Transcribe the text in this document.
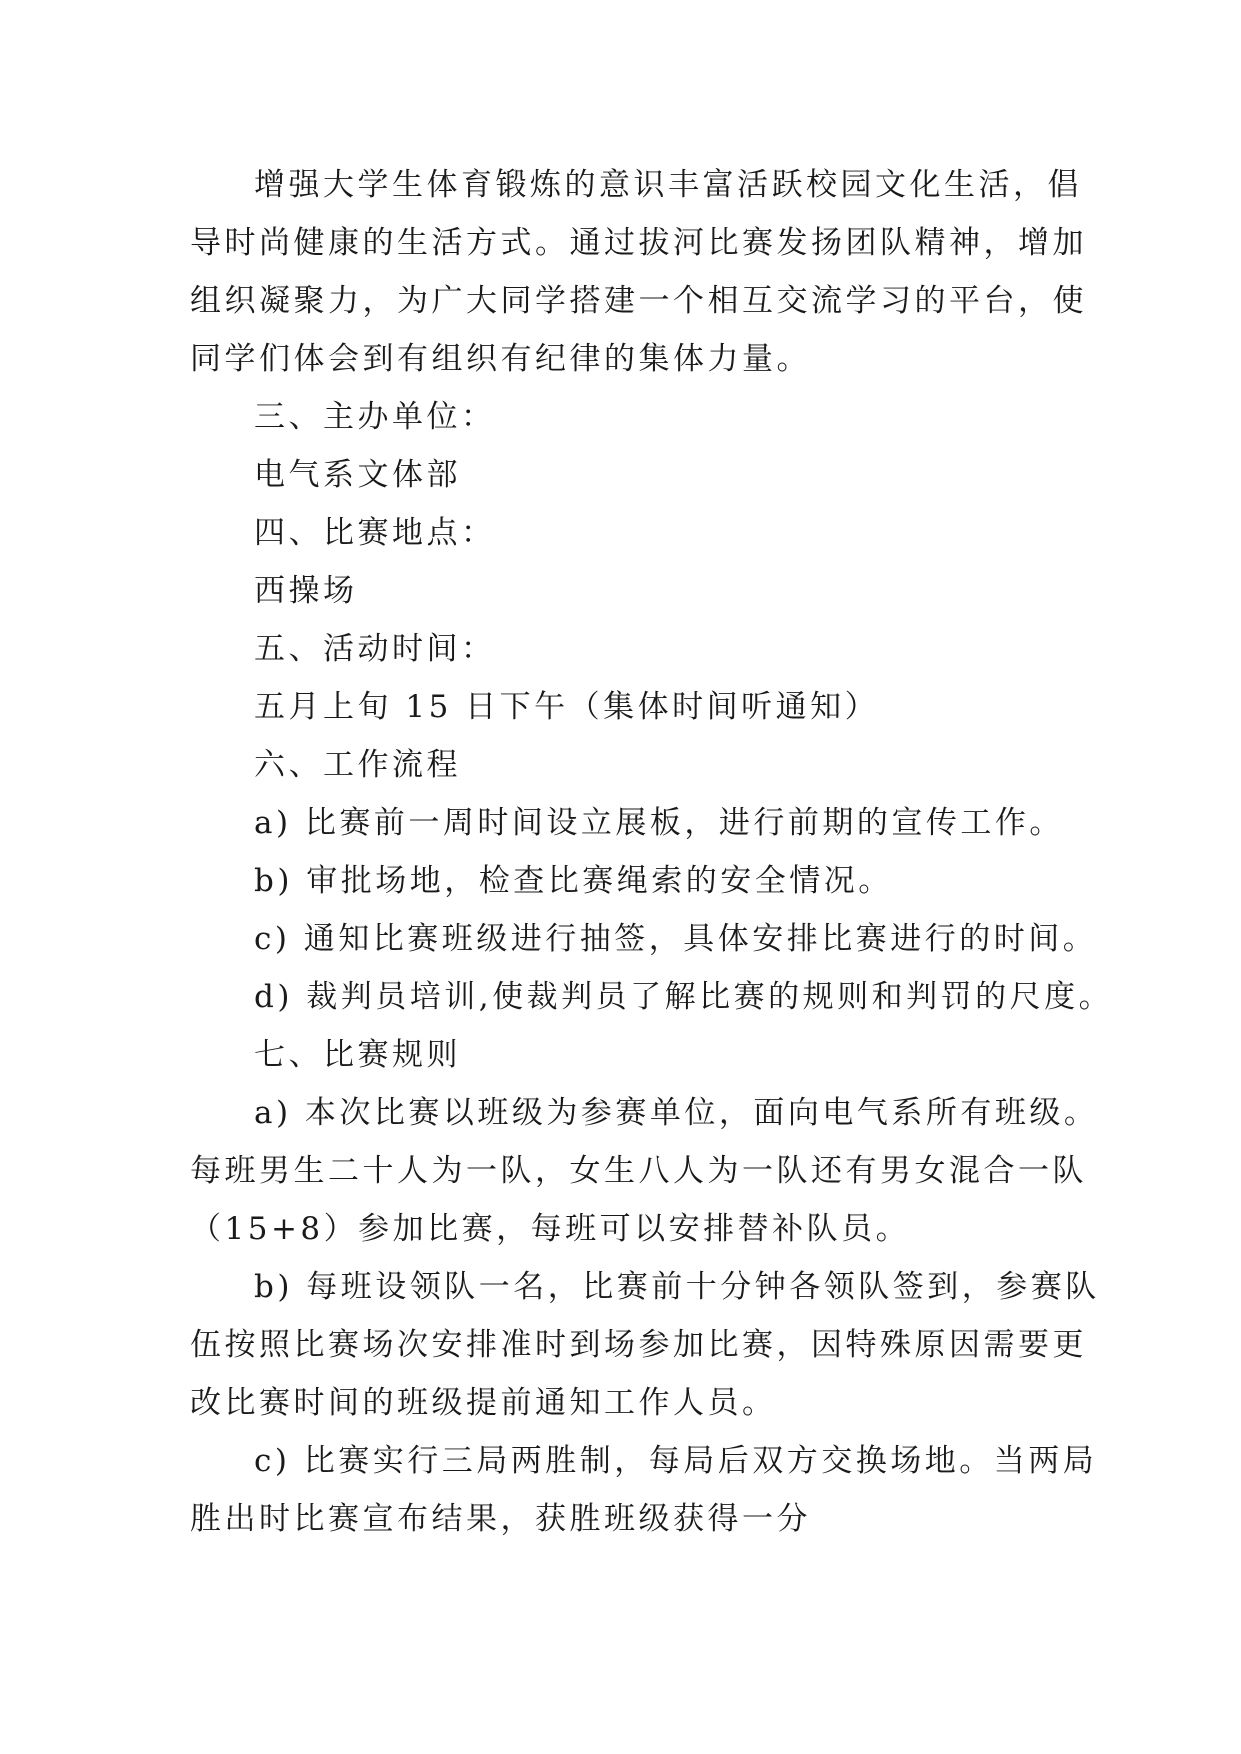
增强大学生体育锻炼的意识丰富活跃校园文化生活，倡
导时尚健康的生活方式。通过拔河比赛发扬团队精神，增加
组织凝聚力，为广大同学搭建一个相互交流学习的平台，使
同学们体会到有组织有纪律的集体力量。
三、主办单位：
电气系文体部
四、比赛地点：
西操场
五、活动时间：
五月上旬 15 日下午（集体时间听通知）
六、工作流程
a) 比赛前一周时间设立展板，进行前期的宣传工作。
b) 审批场地，检查比赛绳索的安全情况。
c) 通知比赛班级进行抽签，具体安排比赛进行的时间。
d) 裁判员培训,使裁判员了解比赛的规则和判罚的尺度。
七、比赛规则
a) 本次比赛以班级为参赛单位，面向电气系所有班级。
每班男生二十人为一队，女生八人为一队还有男女混合一队
（15+8）参加比赛，每班可以安排替补队员。
b) 每班设领队一名，比赛前十分钟各领队签到，参赛队
伍按照比赛场次安排准时到场参加比赛，因特殊原因需要更
改比赛时间的班级提前通知工作人员。
c) 比赛实行三局两胜制，每局后双方交换场地。当两局
胜出时比赛宣布结果，获胜班级获得一分
